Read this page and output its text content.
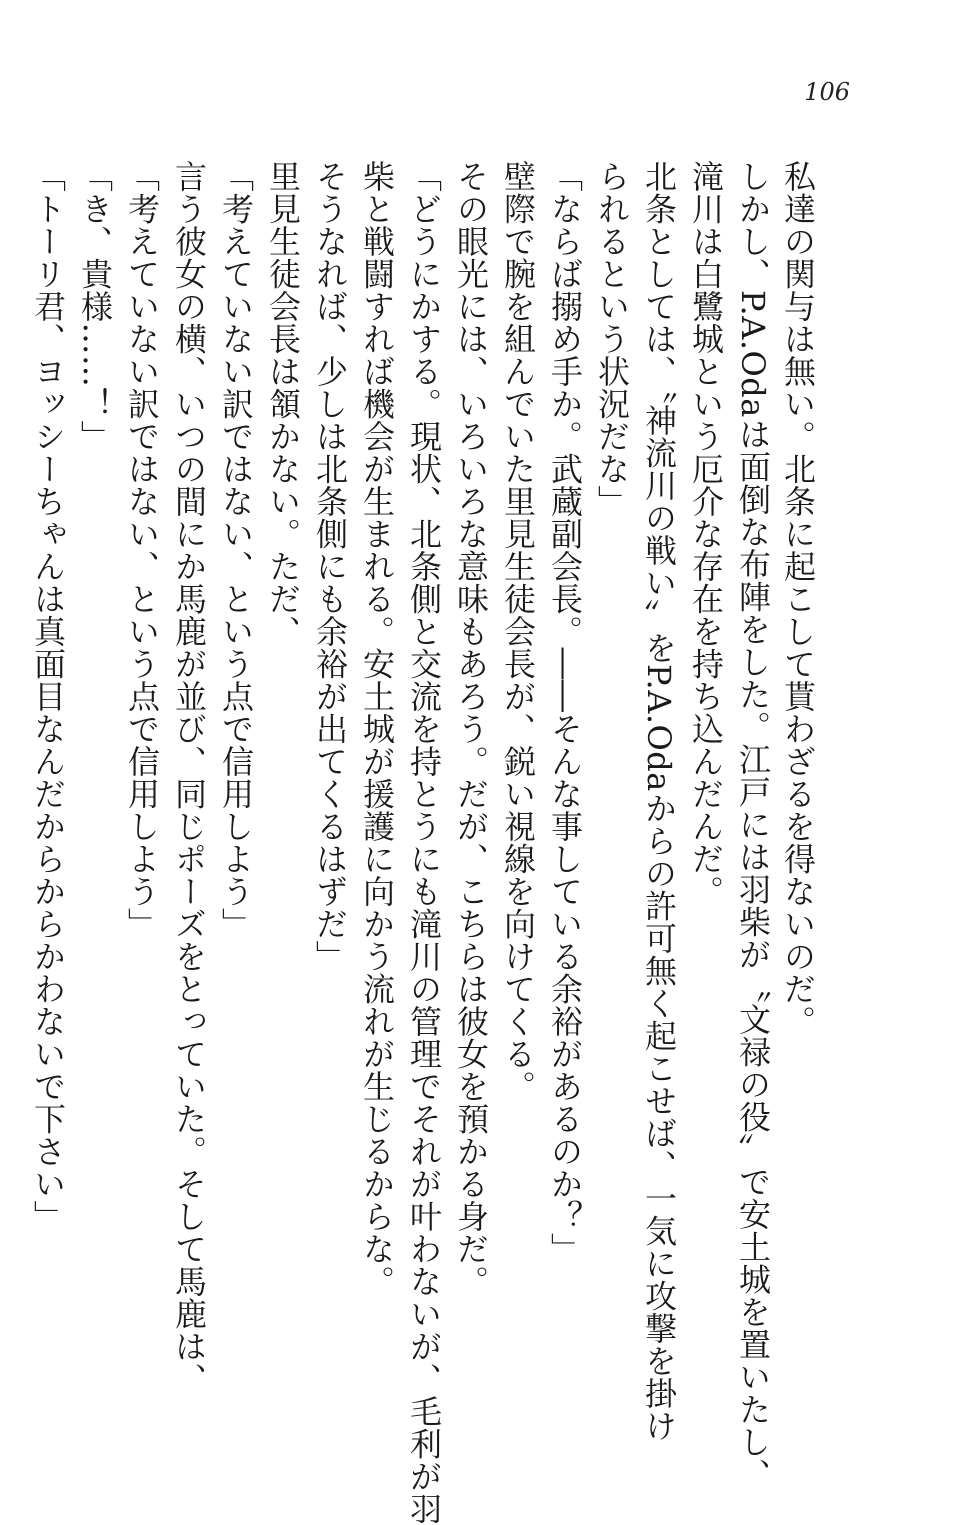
106
私達の関与は無い。北条に起こして貰わざるを得ないのだ。
しかし、P.A.Odaは面倒な布陣をした。江戸には羽柴が〝文禄の役〟で安土城を置いたし、
滝川は白鷺城という厄介な存在を持ち込んだんだ。
北条としては、〝神流川の戦い〟をP.A.Odaからの許可無く起こせば、一気に攻撃を掛け
られるという状況だな」
「ならば搦め手か。武蔵副会長。――そんな事している余裕があるのか？」
壁際で腕を組んでいた里見生徒会長が、鋭い視線を向けてくる。
その眼光には、いろいろな意味もあろう。だが、こちらは彼女を預かる身だ。
「どうにかする。現状、北条側と交流を持とうにも滝川の管理でそれが叶わないが、毛利が羽
柴と戦闘すれば機会が生まれる。安土城が援護に向かう流れが生じるからな。
そうなれば、少しは北条側にも余裕が出てくるはずだ」
里見生徒会長は頷かない。ただ、
「考えていない訳ではない、という点で信用しよう」
言う彼女の横、いつの間にか馬鹿が並び、同じポーズをとっていた。そして馬鹿は、
「考えていない訳ではない、という点で信用しよう」
「き、貴様……！」
「トーリ君、ヨッシーちゃんは真面目なんだからからかわないで下さい」
